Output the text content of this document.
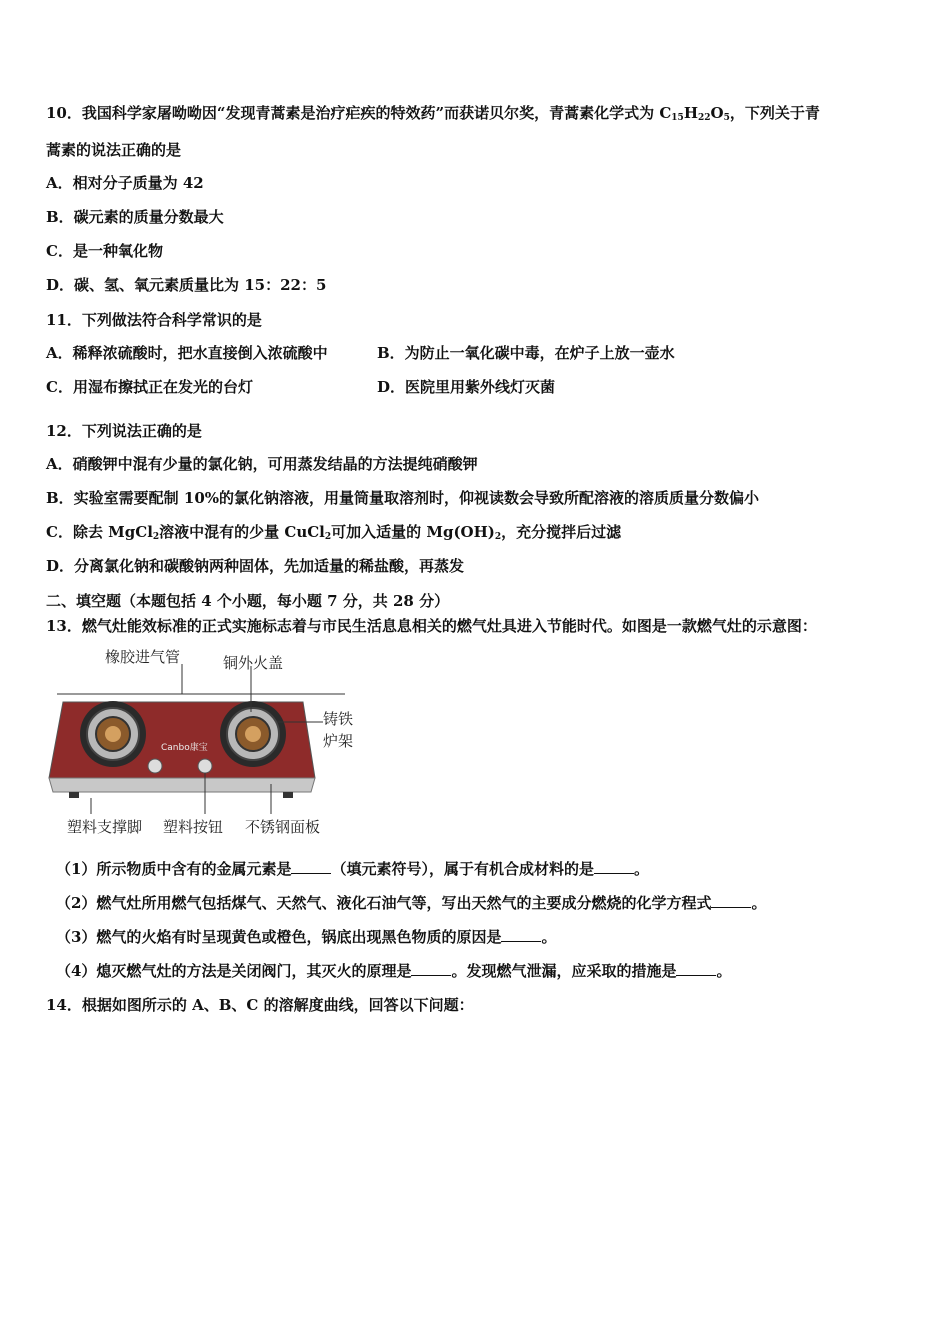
10．我国科学家屠呦呦因“发现青蒿素是治疗疟疾的特效药”而获诺贝尔奖，青蒿素化学式为 $C_{15}H_{22}O_5$，下列关于青
蒿素的说法正确的是
A．相对分子质量为 42
B．碳元素的质量分数最大
C．是一种氧化物
D．碳、氢、氧元素质量比为 15：22：5
11．下列做法符合科学常识的是
A．稀释浓硫酸时，把水直接倒入浓硫酸中	B．为防止一氧化碳中毒，在炉子上放一壶水
C．用湿布擦拭正在发光的台灯	D．医院里用紫外线灯灭菌
12．下列说法正确的是
A．硝酸钾中混有少量的氯化钠，可用蒸发结晶的方法提纯硝酸钾
B．实验室需要配制 10%的氯化钠溶液，用量筒量取溶剂时，仰视读数会导致所配溶液的溶质质量分数偏小
C．除去 MgCl$_2$溶液中混有的少量 CuCl$_2$可加入适量的 $Mg(OH)_2$，充分搅拌后过滤
D．分离氯化钠和碳酸钠两种固体，先加适量的稀盐酸，再蒸发
二、填空题（本题包括 4 个小题，每小题 7 分，共 28 分）
13．燃气灶能效标准的正式实施标志着与市民生活息息相关的燃气灶具进入节能时代。如图是一款燃气灶的示意图：
橡胶进气管	铜外火盖
铸铁
炉架
Canbo康宝
塑料支撑脚 塑料按钮 不锈钢面板
（1）所示物质中含有的金属元素是	（填元素符号），属于有机合成材料的是	。
（2）燃气灶所用燃气包括煤气、天然气、液化石油气等，写出天然气的主要成分燃烧的化学方程式	。
（3）燃气的火焰有时呈现黄色或橙色，锅底出现黑色物质的原因是	。
（4）熄灭燃气灶的方法是关闭阀门，其灭火的原理是	。发现燃气泄漏，应采取的措施是	。
14．根据如图所示的 A、B、C 的溶解度曲线，回答以下问题：
